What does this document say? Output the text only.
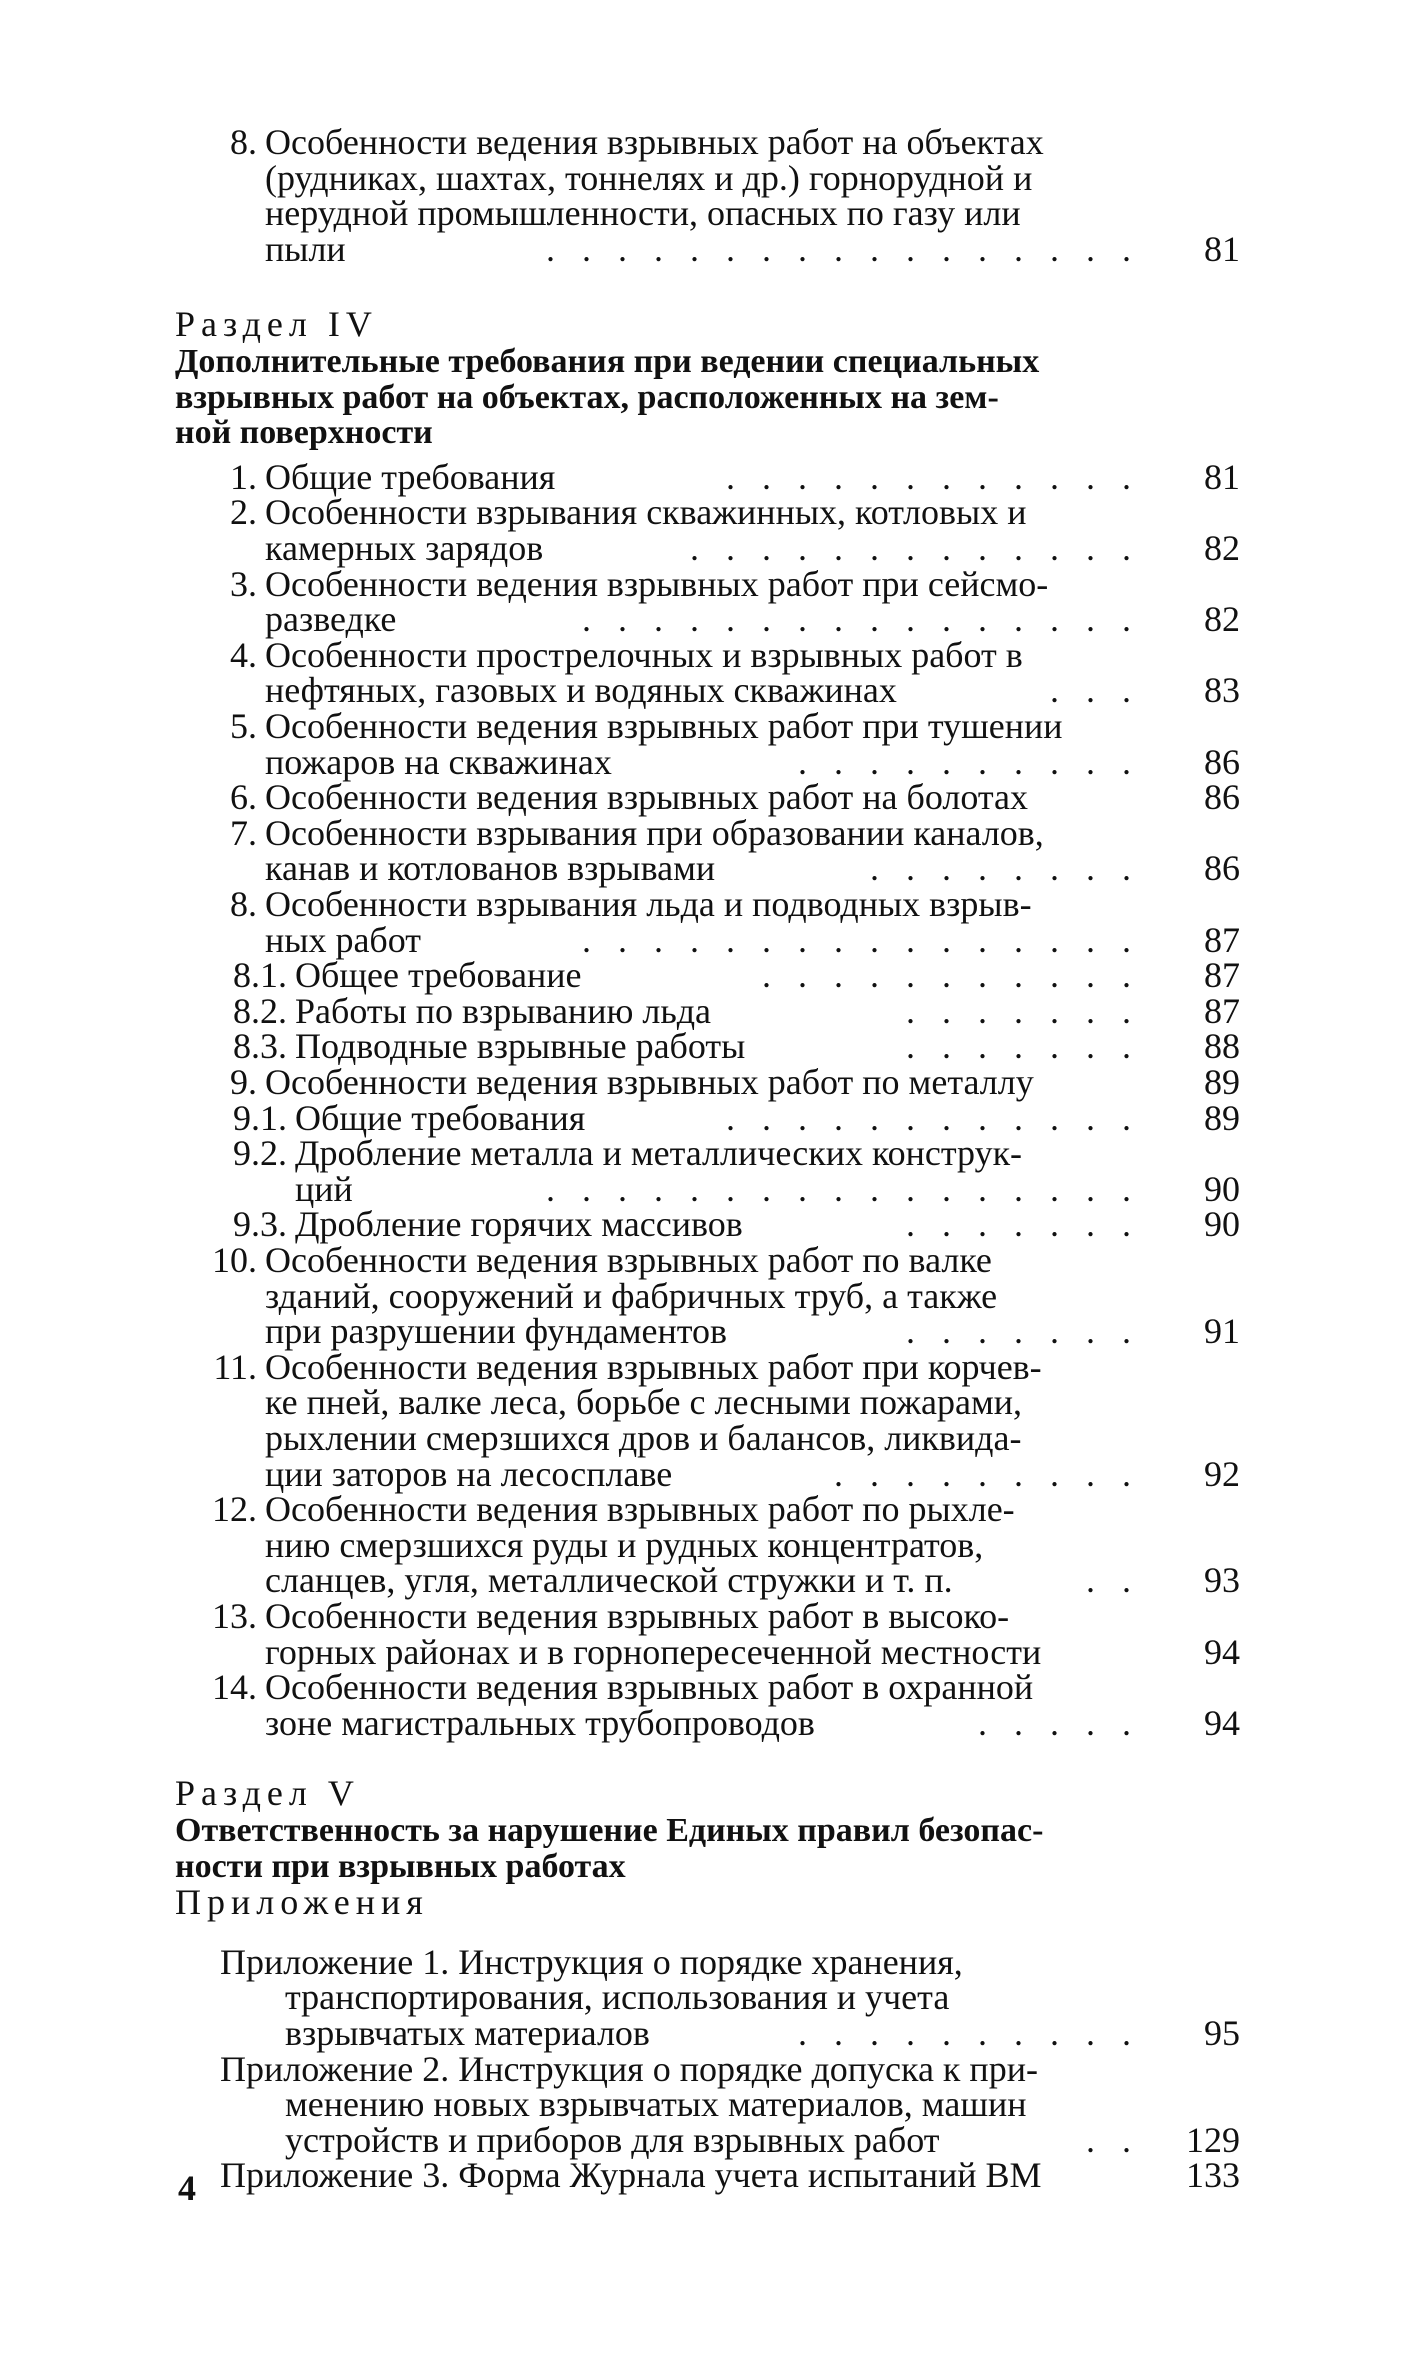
8. Особенности ведения взрывных работ на объектах
(рудниках, шахтах, тоннелях и др.) горнорудной и
нерудной промышленности, опасных по газу или
пыли	. . . . . . . . . . . . . . . . .	81
Раздел IV
Дополнительные требования при ведении специальных
взрывных работ на объектах, расположенных на зем-
ной поверхности
1. Общие требования	. . . . . . . . . . . .	81
2. Особенности взрывания скважинных, котловых и
камерных зарядов	. . . . . . . . . . . . .	82
3. Особенности ведения взрывных работ при сейсмо-
разведке	. . . . . . . . . . . . . . . .	82
4. Особенности прострелочных и взрывных работ в
нефтяных, газовых и водяных скважинах	. . .	83
5. Особенности ведения взрывных работ при тушении
пожаров на скважинах	. . . . . . . . . .	86
6. Особенности ведения взрывных работ на болотах	86
7. Особенности взрывания при образовании каналов,
канав и котлованов взрывами	. . . . . . . .	86
8. Особенности взрывания льда и подводных взрыв-
ных работ	. . . . . . . . . . . . . . . .	87
8.1. Общее требование	. . . . . . . . . . .	87
8.2. Работы по взрыванию льда	. . . . . . .	87
8.3. Подводные взрывные работы	. . . . . . .	88
9. Особенности ведения взрывных работ по металлу	89
9.1. Общие требования	. . . . . . . . . . . .	89
9.2. Дробление металла и металлических конструк-
ций	. . . . . . . . . . . . . . . . .	90
9.3. Дробление горячих массивов	. . . . . . .	90
10. Особенности ведения взрывных работ по валке
зданий, сооружений и фабричных труб, а также
при разрушении фундаментов	. . . . . . .	91
11. Особенности ведения взрывных работ при корчев-
ке пней, валке леса, борьбе с лесными пожарами,
рыхлении смерзшихся дров и балансов, ликвида-
ции заторов на лесосплаве	. . . . . . . . .	92
12. Особенности ведения взрывных работ по рыхле-
нию смерзшихся руды и рудных концентратов,
сланцев, угля, металлической стружки и т. п.	. .	93
13. Особенности ведения взрывных работ в высоко-
горных районах и в горнопересеченной местности	94
14. Особенности ведения взрывных работ в охранной
зоне магистральных трубопроводов	. . . . .	94
Раздел V
Ответственность за нарушение Единых правил безопас-
ности при взрывных работах
Приложения
Приложение 1. Инструкция о порядке хранения,
транспортирования, использования и учета
взрывчатых материалов	. . . . . . . . . .	95
Приложение 2. Инструкция о порядке допуска к при-
менению новых взрывчатых материалов, машин
устройств и приборов для взрывных работ	. .	129
Приложение 3. Форма Журнала учета испытаний ВМ	133
4
